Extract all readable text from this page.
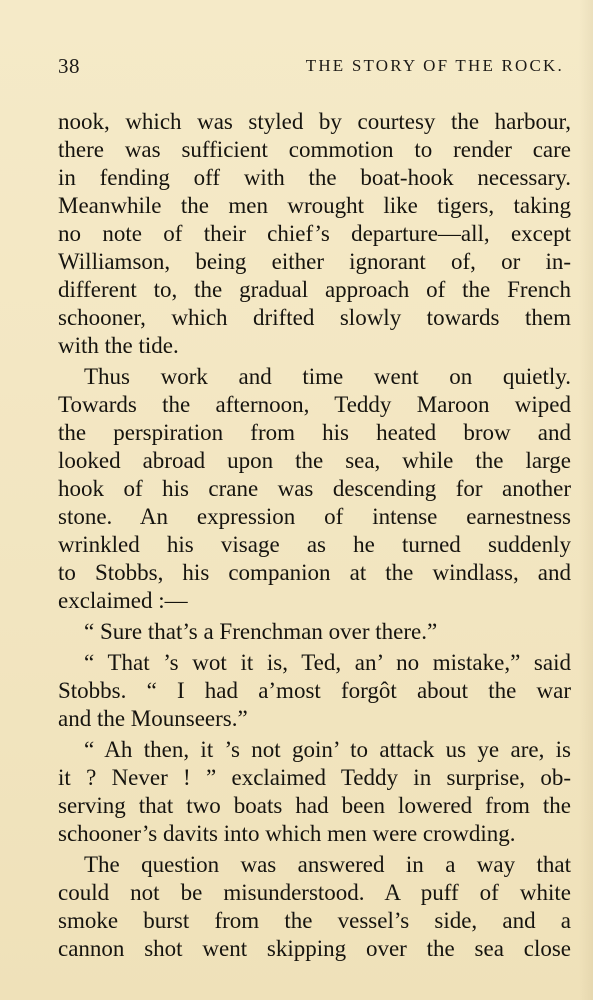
38	THE STORY OF THE ROCK.
nook, which was styled by courtesy the harbour,
there was sufficient commotion to render care
in fending off with the boat-hook necessary.
Meanwhile the men wrought like tigers, taking
no note of their chief’s departure—all, except
Williamson, being either ignorant of, or in-
different to, the gradual approach of the French
schooner, which drifted slowly towards them
with the tide.
Thus work and time went on quietly.
Towards the afternoon, Teddy Maroon wiped
the perspiration from his heated brow and
looked abroad upon the sea, while the large
hook of his crane was descending for another
stone. An expression of intense earnestness
wrinkled his visage as he turned suddenly
to Stobbs, his companion at the windlass, and
exclaimed :—
“ Sure that’s a Frenchman over there.”
“ That ’s wot it is, Ted, an’ no mistake,” said
Stobbs. “ I had a’most forgôt about the war
and the Mounseers.”
“ Ah then, it ’s not goin’ to attack us ye are, is
it ? Never ! ” exclaimed Teddy in surprise, ob-
serving that two boats had been lowered from the
schooner’s davits into which men were crowding.
The question was answered in a way that
could not be misunderstood. A puff of white
smoke burst from the vessel’s side, and a
cannon shot went skipping over the sea close
